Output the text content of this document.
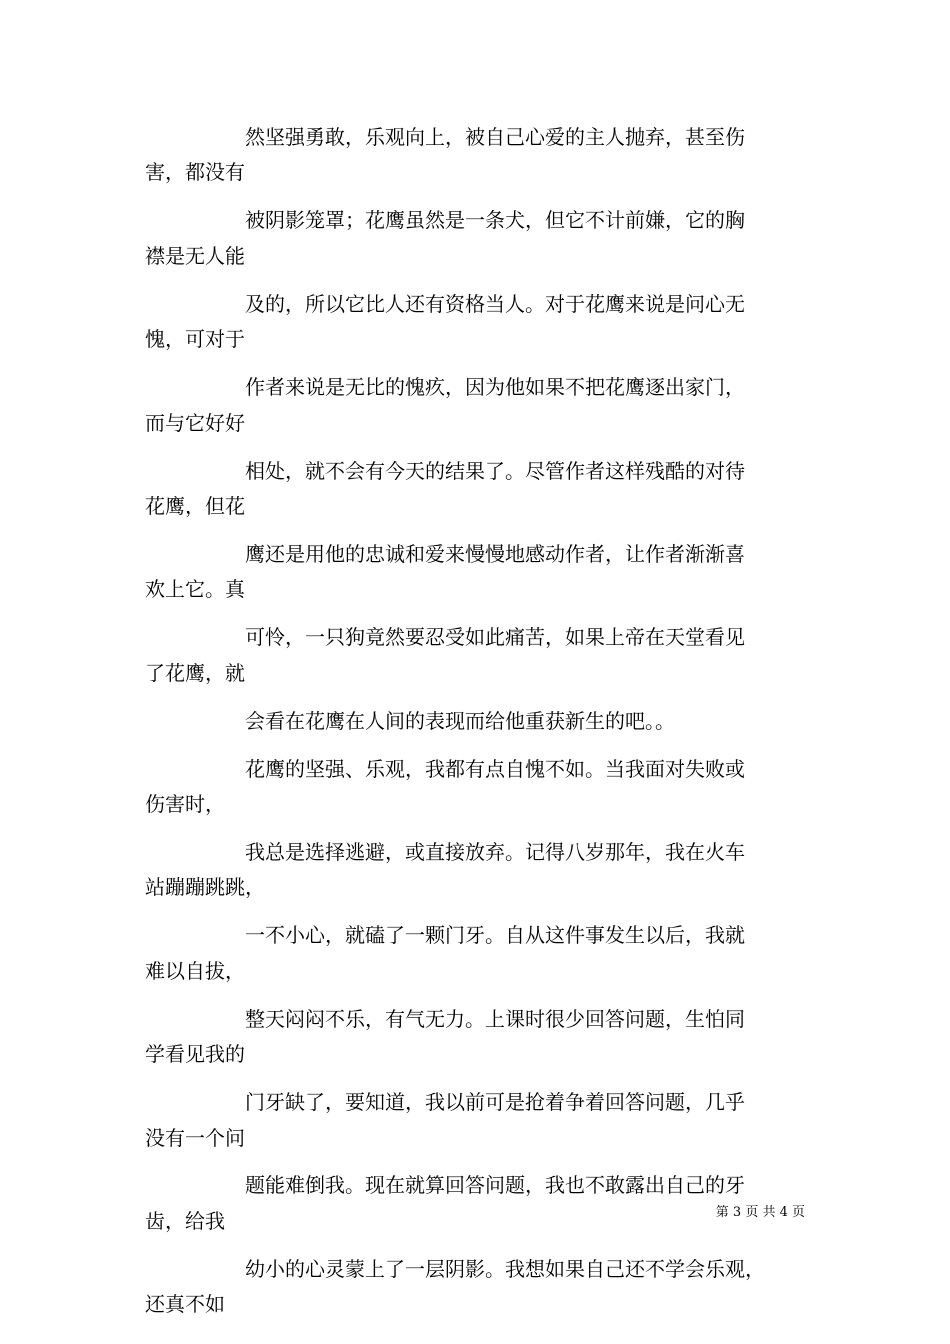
然坚强勇敢，乐观向上，被自己心爱的主人抛弃，甚至伤
害，都没有
被阴影笼罩；花鹰虽然是一条犬，但它不计前嫌，它的胸
襟是无人能
及的，所以它比人还有资格当人。对于花鹰来说是问心无
愧，可对于
作者来说是无比的愧疚，因为他如果不把花鹰逐出家门，
而与它好好
相处，就不会有今天的结果了。尽管作者这样残酷的对待
花鹰，但花
鹰还是用他的忠诚和爱来慢慢地感动作者，让作者渐渐喜
欢上它。真
可怜，一只狗竟然要忍受如此痛苦，如果上帝在天堂看见
了花鹰，就
会看在花鹰在人间的表现而给他重获新生的吧。。
花鹰的坚强、乐观，我都有点自愧不如。当我面对失败或
伤害时，
我总是选择逃避，或直接放弃。记得八岁那年，我在火车
站蹦蹦跳跳，
一不小心，就磕了一颗门牙。自从这件事发生以后，我就
难以自拔，
整天闷闷不乐，有气无力。上课时很少回答问题，生怕同
学看见我的
门牙缺了，要知道，我以前可是抢着争着回答问题，几乎
没有一个问
题能难倒我。现在就算回答问题，我也不敢露出自己的牙
齿，给我
幼小的心灵蒙上了一层阴影。我想如果自己还不学会乐观，
还真不如
第 3 页 共 4 页
